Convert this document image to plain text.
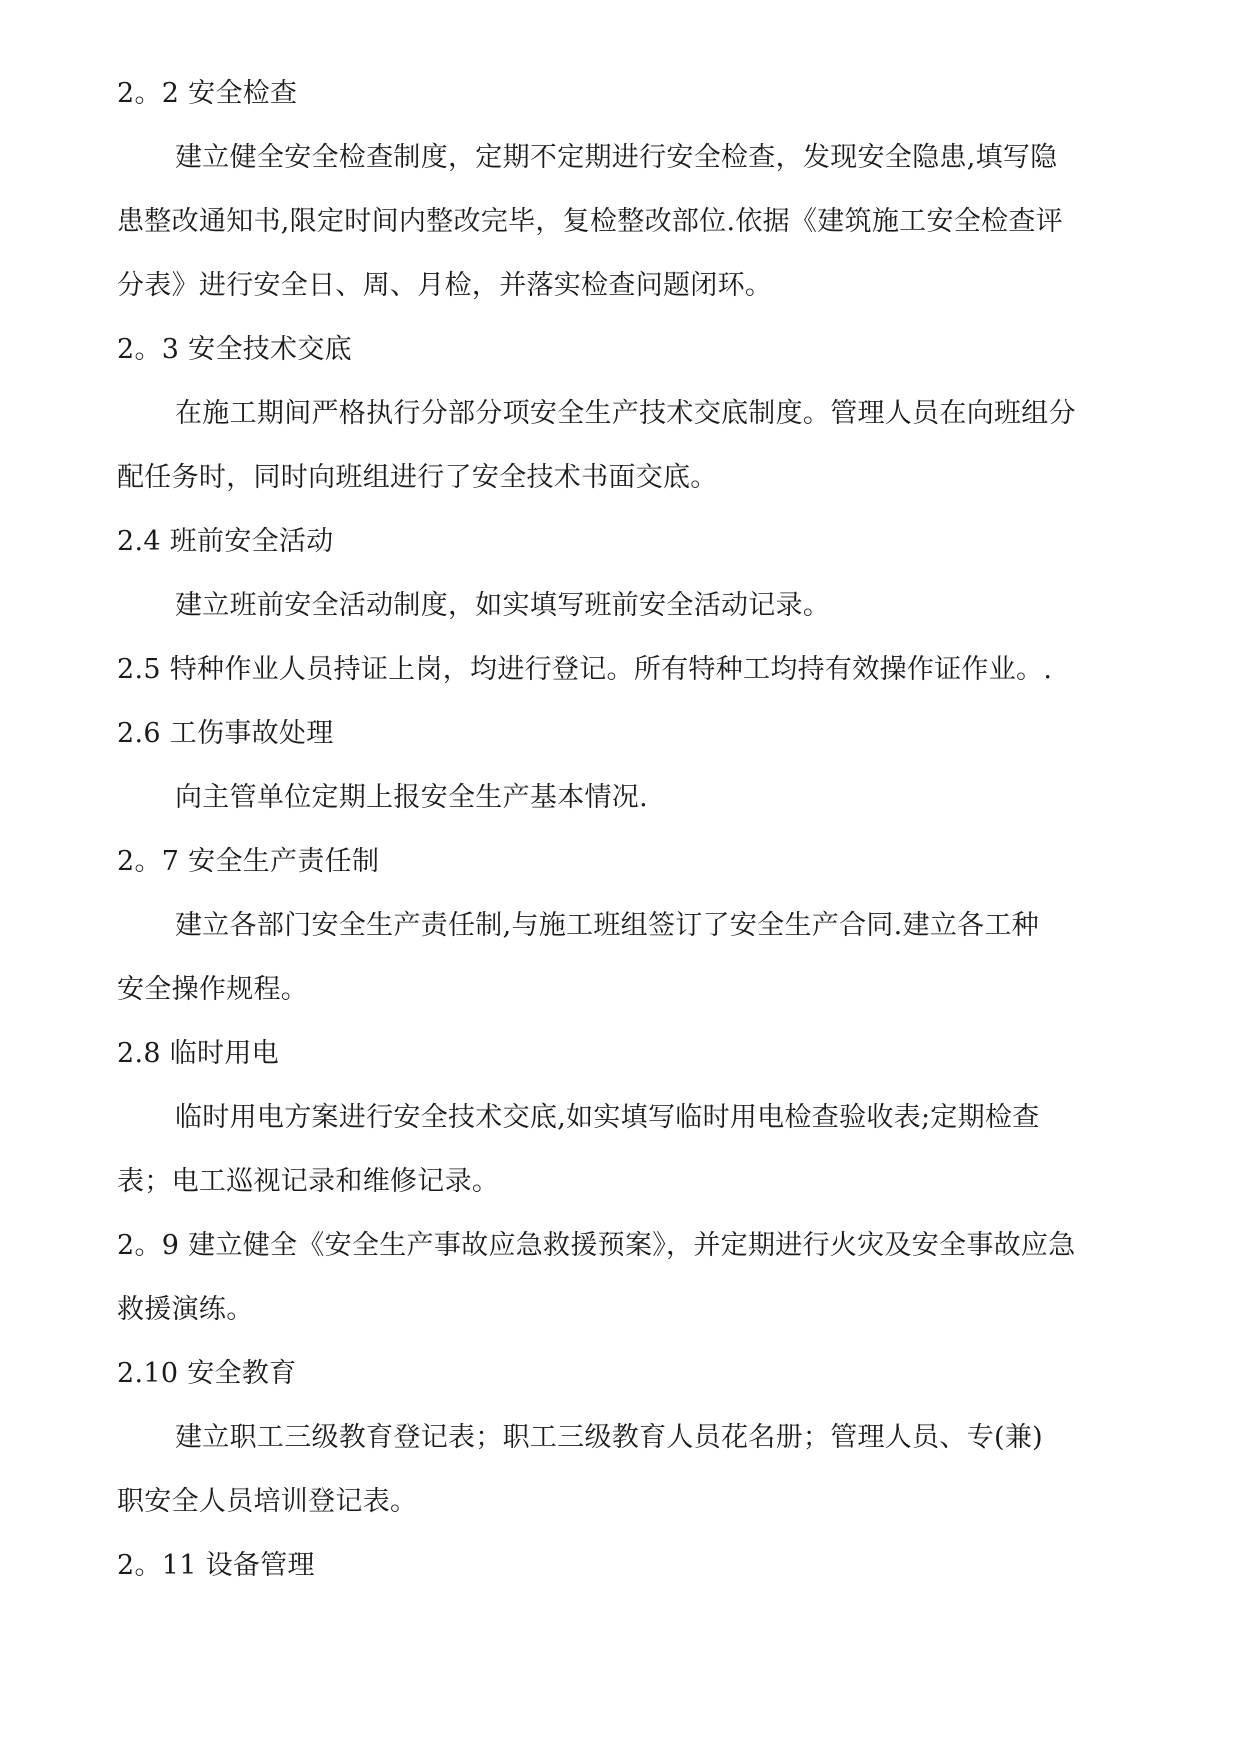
2。2 安全检查
建立健全安全检查制度，定期不定期进行安全检查，发现安全隐患,填写隐
患整改通知书,限定时间内整改完毕，复检整改部位.依据《建筑施工安全检查评
分表》进行安全日、周、月检，并落实检查问题闭环。
2。3 安全技术交底
在施工期间严格执行分部分项安全生产技术交底制度。管理人员在向班组分
配任务时，同时向班组进行了安全技术书面交底。
2.4 班前安全活动
建立班前安全活动制度，如实填写班前安全活动记录。
2.5 特种作业人员持证上岗，均进行登记。所有特种工均持有效操作证作业。.
2.6 工伤事故处理
向主管单位定期上报安全生产基本情况.
2。7 安全生产责任制
建立各部门安全生产责任制,与施工班组签订了安全生产合同.建立各工种
安全操作规程。
2.8 临时用电
临时用电方案进行安全技术交底,如实填写临时用电检查验收表;定期检查
表；电工巡视记录和维修记录。
2。9 建立健全《安全生产事故应急救援预案》，并定期进行火灾及安全事故应急
救援演练。
2.10 安全教育
建立职工三级教育登记表；职工三级教育人员花名册；管理人员、专(兼)
职安全人员培训登记表。
2。11 设备管理
